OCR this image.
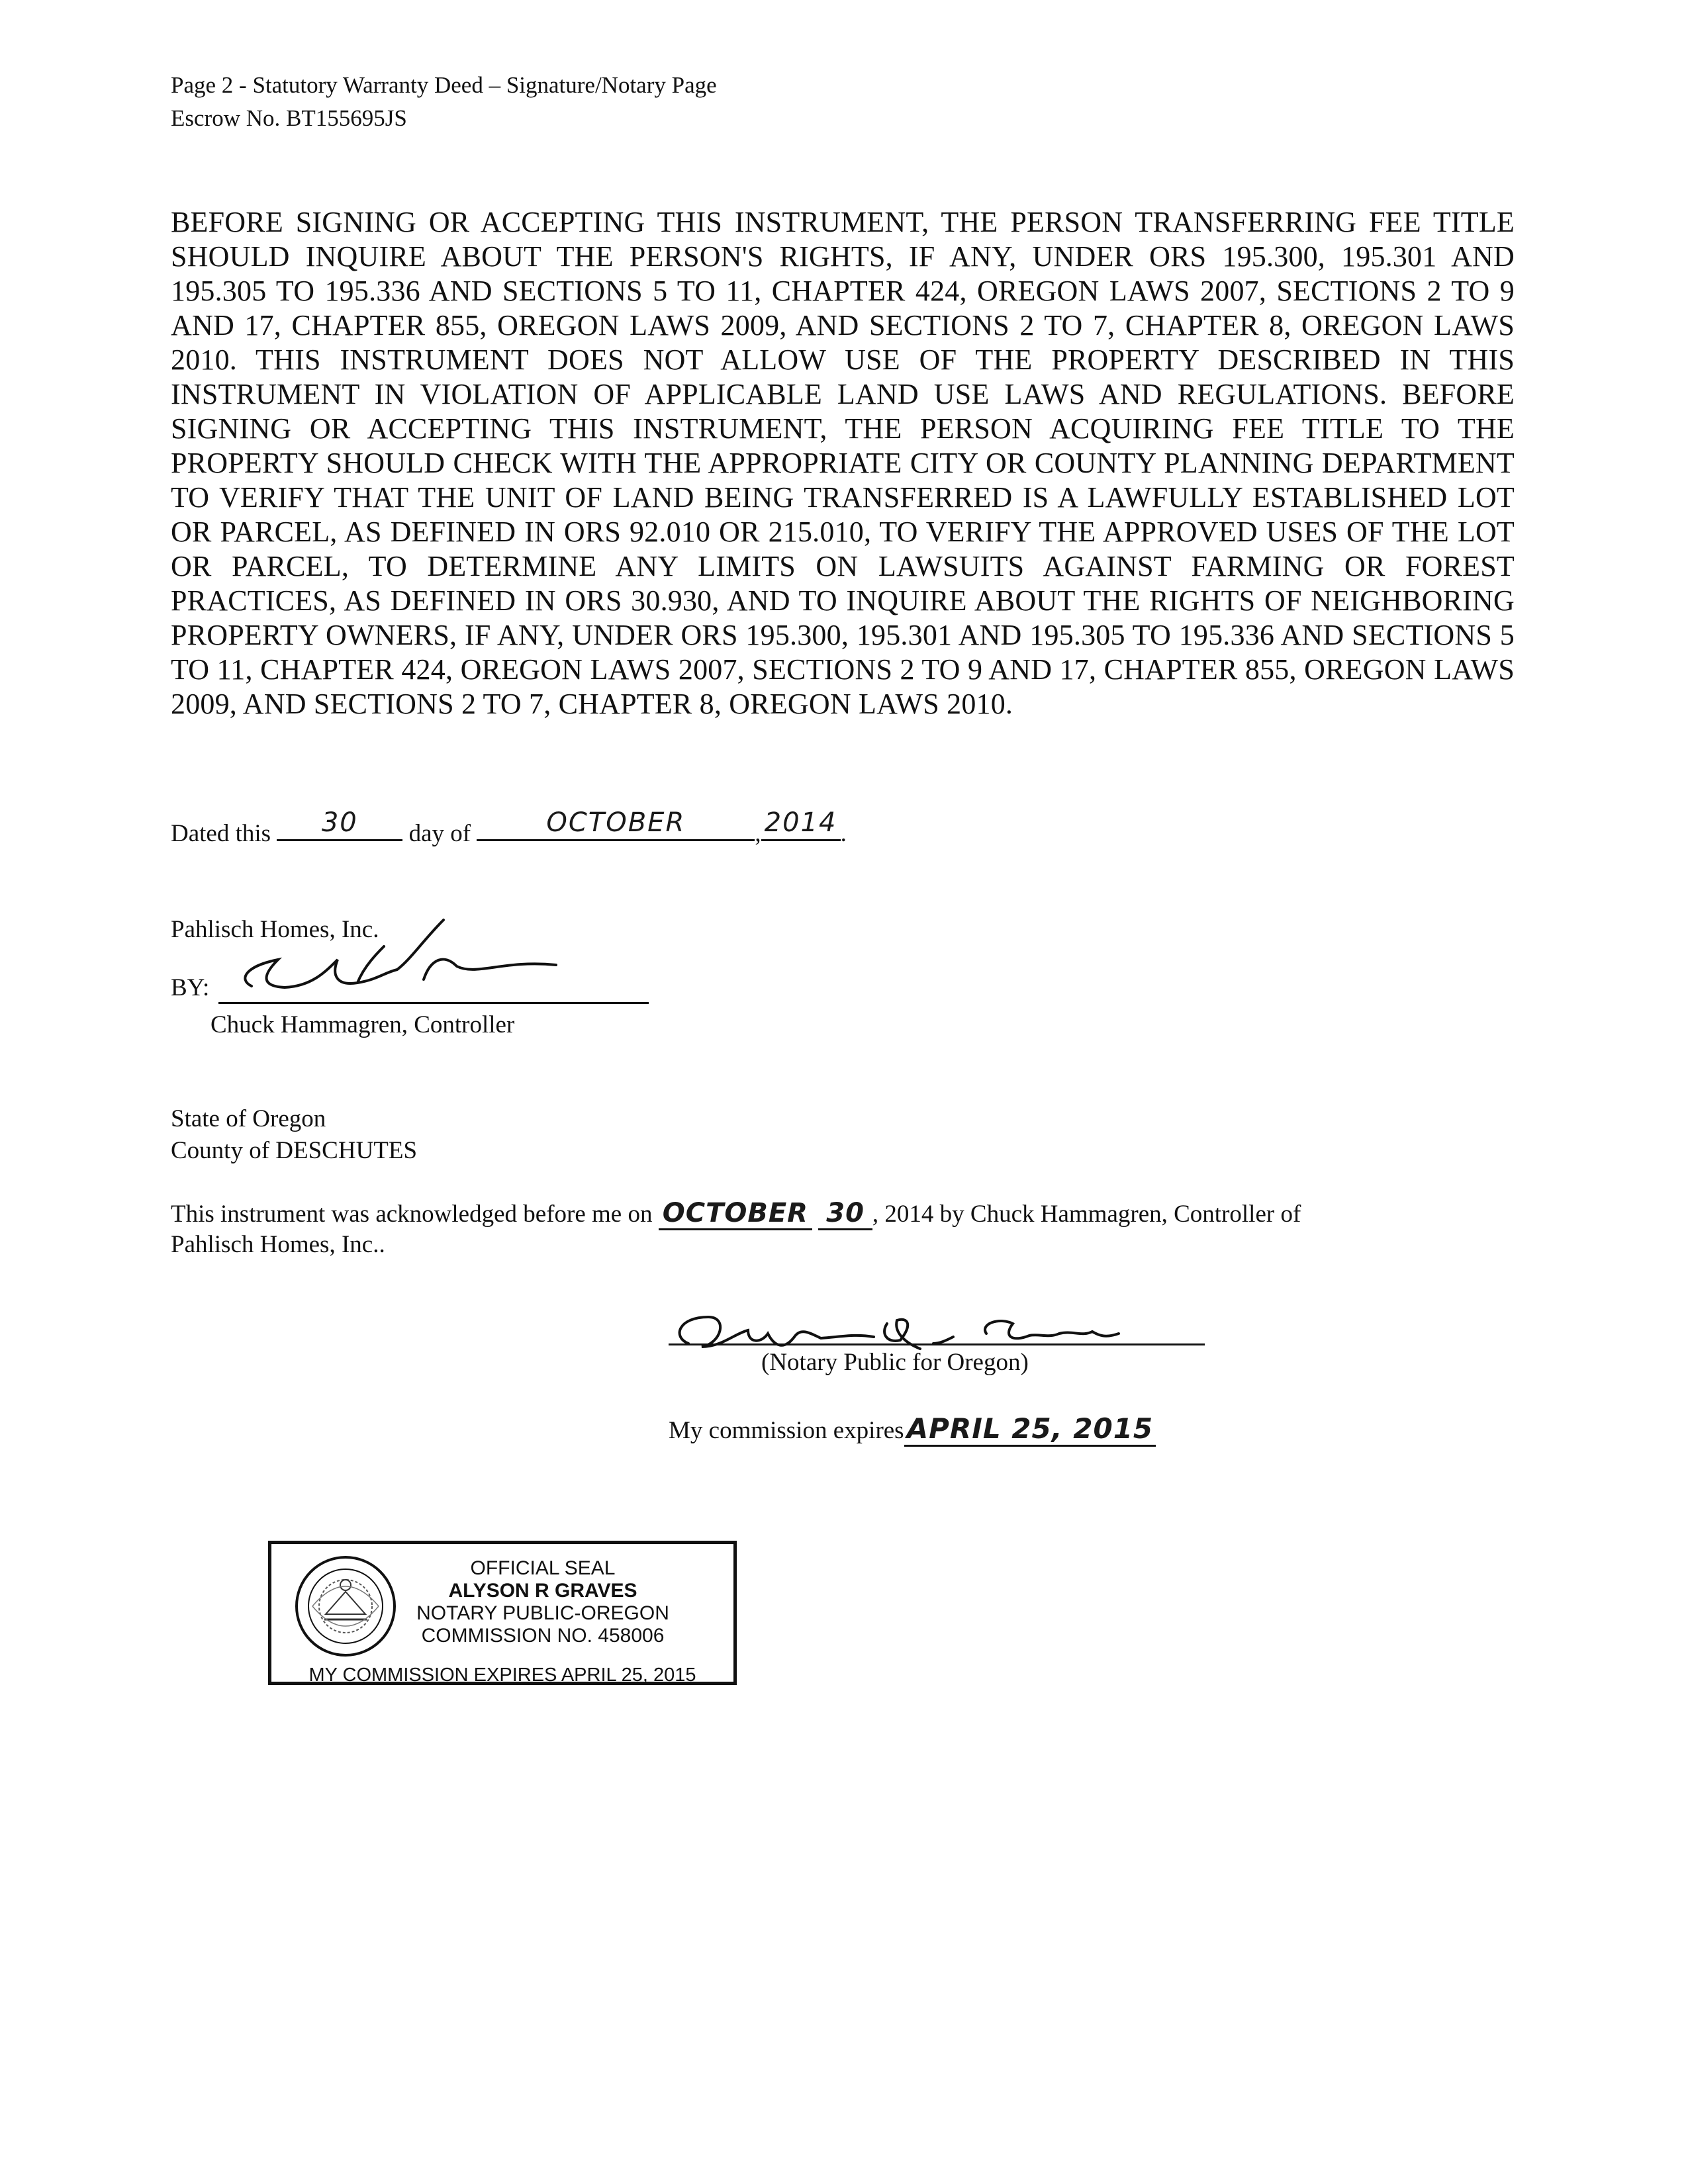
Page 2 - Statutory Warranty Deed – Signature/Notary Page
Escrow No. BT155695JS
BEFORE SIGNING OR ACCEPTING THIS INSTRUMENT, THE PERSON TRANSFERRING FEE TITLE SHOULD INQUIRE ABOUT THE PERSON'S RIGHTS, IF ANY, UNDER ORS 195.300, 195.301 AND 195.305 TO 195.336 AND SECTIONS 5 TO 11, CHAPTER 424, OREGON LAWS 2007, SECTIONS 2 TO 9 AND 17, CHAPTER 855, OREGON LAWS 2009, AND SECTIONS 2 TO 7, CHAPTER 8, OREGON LAWS 2010. THIS INSTRUMENT DOES NOT ALLOW USE OF THE PROPERTY DESCRIBED IN THIS INSTRUMENT IN VIOLATION OF APPLICABLE LAND USE LAWS AND REGULATIONS. BEFORE SIGNING OR ACCEPTING THIS INSTRUMENT, THE PERSON ACQUIRING FEE TITLE TO THE PROPERTY SHOULD CHECK WITH THE APPROPRIATE CITY OR COUNTY PLANNING DEPARTMENT TO VERIFY THAT THE UNIT OF LAND BEING TRANSFERRED IS A LAWFULLY ESTABLISHED LOT OR PARCEL, AS DEFINED IN ORS 92.010 OR 215.010, TO VERIFY THE APPROVED USES OF THE LOT OR PARCEL, TO DETERMINE ANY LIMITS ON LAWSUITS AGAINST FARMING OR FOREST PRACTICES, AS DEFINED IN ORS 30.930, AND TO INQUIRE ABOUT THE RIGHTS OF NEIGHBORING PROPERTY OWNERS, IF ANY, UNDER ORS 195.300, 195.301 AND 195.305 TO 195.336 AND SECTIONS 5 TO 11, CHAPTER 424, OREGON LAWS 2007, SECTIONS 2 TO 9 AND 17, CHAPTER 855, OREGON LAWS 2009, AND SECTIONS 2 TO 7, CHAPTER 8, OREGON LAWS 2010.
Dated this	30	day of	OCTOBER	, 2014 .
Pahlisch Homes, Inc.
BY:
Chuck Hammagren, Controller
State of Oregon
County of DESCHUTES
This instrument was acknowledged before me on OCTOBER 30 , 2014 by Chuck Hammagren, Controller of
Pahlisch Homes, Inc..
(Notary Public for Oregon)
My commission expiresAPRIL 25, 2015
OFFICIAL SEAL
ALYSON R GRAVES
NOTARY PUBLIC-OREGON
COMMISSION NO. 458006
MY COMMISSION EXPIRES APRIL 25, 2015
